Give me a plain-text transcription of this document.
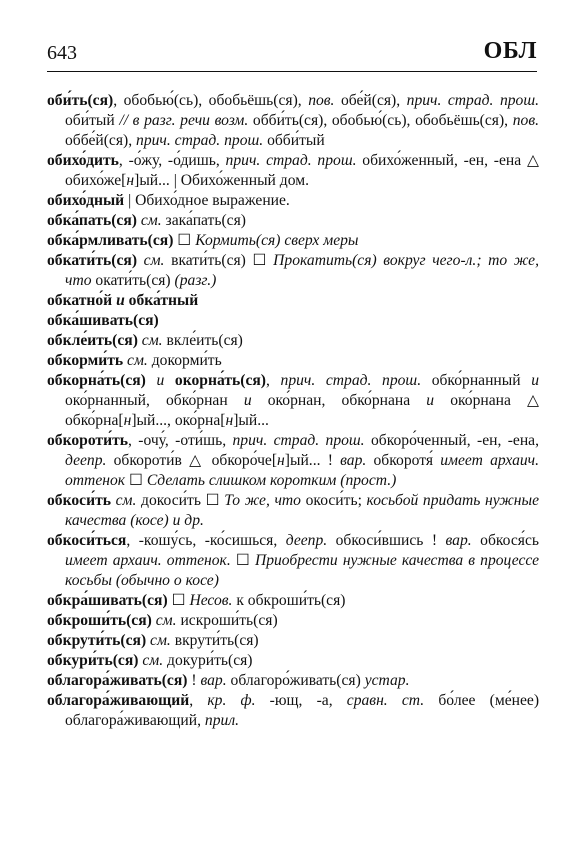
643	ОБЛ

оби́ть(ся), обобью́(сь), обобьёшь(ся), пов. обе́й(ся), прич. страд. прош. оби́тый // в разг. речи возм. обби́ть(ся), обобью́(сь), обобьёшь(ся), пов. оббе́й(ся), прич. страд. прош. обби́тый

обихо́дить, -о́жу, -о́дишь, прич. страд. прош. обихо́женный, -ен, -ена △ обихо́же[н]ый... | Обихо́женный дом.

обихо́дный | Обихо́дное выражение.

обка́пать(ся) см. зака́пать(ся)

обка́рмливать(ся) ☐ Кормить(ся) сверх меры

обкати́ть(ся) см. вкати́ть(ся) ☐ Прокатить(ся) вокруг чего-л.; то же, что окати́ть(ся) (разг.)

обкатно́й и обка́тный

обка́шивать(ся)

обкле́ить(ся) см. вкле́ить(ся)

обкорми́ть см. докорми́ть

обкорна́ть(ся) и окорна́ть(ся), прич. страд. прош. обко́рнанный и око́рнанный, обко́рнан и око́рнан, обко́рнана и око́рнана △ обко́рна[н]ый..., око́рна[н]ый...

обкороти́ть, -очу́, -оти́шь, прич. страд. прош. обкоро́ченный, -ен, -ена, деепр. обкороти́в △ обкоро́че[н]ый... ! вар. обкоротя́ имеет архаич. оттенок ☐ Сделать слишком коротким (прост.)

обкоси́ть см. докоси́ть ☐ То же, что окоси́ть; косьбой придать нужные качества (косе) и др.

обкоси́ться, -кошу́сь, -ко́сишься, деепр. обкоси́вшись ! вар. обкося́сь имеет архаич. оттенок. ☐ Приобрести нужные качества в процессе косьбы (обычно о косе)

обкра́шивать(ся) ☐ Несов. к обкроши́ть(ся)

обкроши́ть(ся) см. искроши́ть(ся)

обкрути́ть(ся) см. вкрути́ть(ся)

обкури́ть(ся) см. докури́ть(ся)

облагора́живать(ся) ! вар. облагоро́живать(ся) устар.

облагора́живающий, кр. ф. -ющ, -а, сравн. ст. бо́лее (ме́нее) облагора́живающий, прил.
